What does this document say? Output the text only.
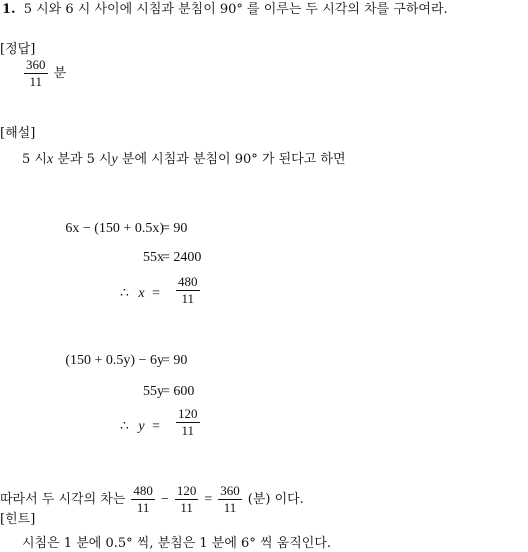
1. 5 시와 6 시 사이에 시침과 분침이 90° 를 이루는 두 시각의 차를 구하여라.
[정답]
$\frac{360}{11}$ 분
[해설]
5 시x 분과 5 시y 분에 시침과 분침이 90° 가 된다고 하면
6x − (150 + 0.5x)
= 90
55x
= 2400
∴ $x = \frac{480}{11}$
(150 + 0.5y) − 6y
= 90
55y
= 600
∴ $y = \frac{120}{11}$
따라서 두 시각의 차는 $\frac{480}{11} - \frac{120}{11} = \frac{360}{11}$ (분) 이다.
[힌트]
시침은 1 분에 0.5° 씩, 분침은 1 분에 6° 씩 움직인다.
